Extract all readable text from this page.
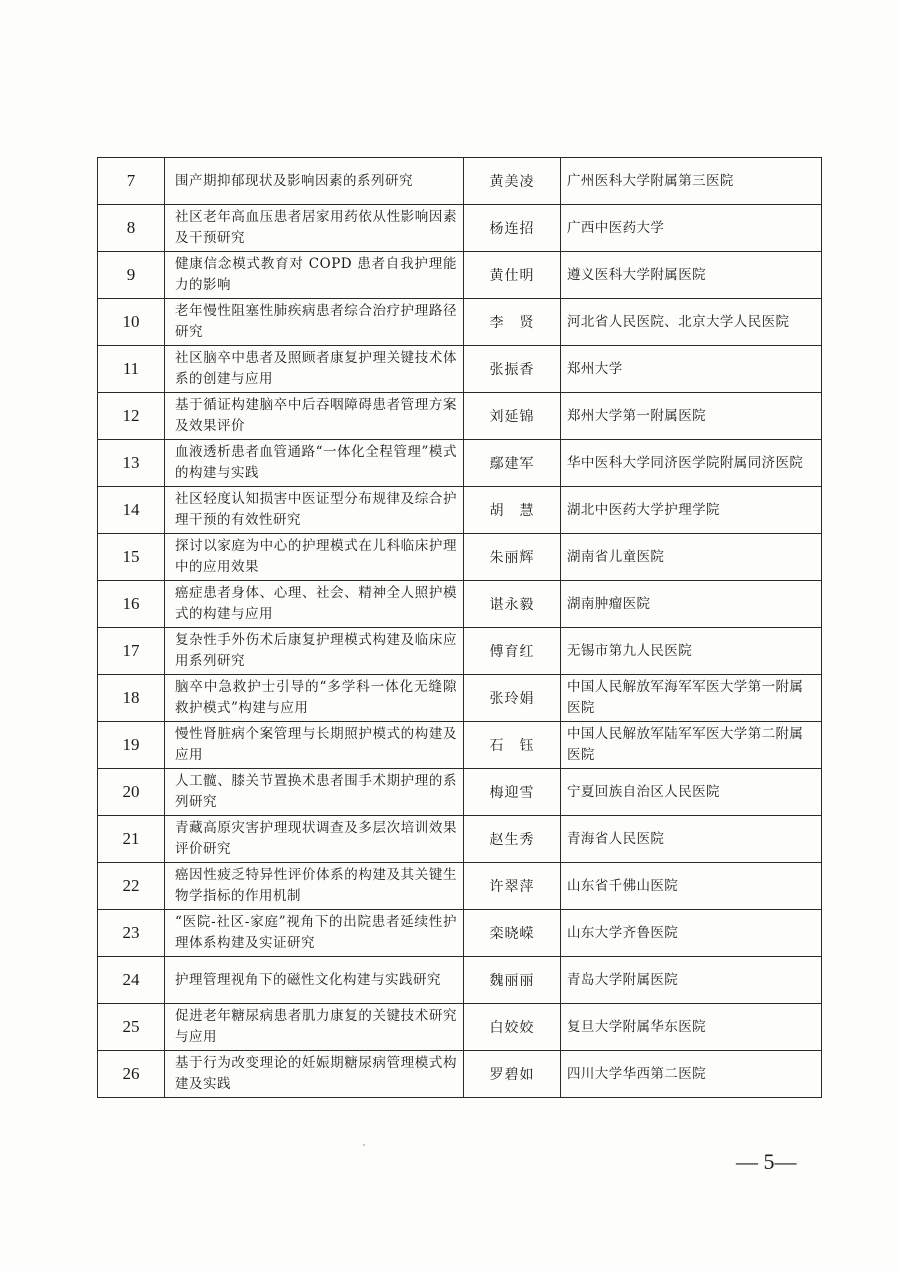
7	围产期抑郁现状及影响因素的系列研究	黄美凌	广州医科大学附属第三医院
8	社区老年高血压患者居家用药依从性影响因素及干预研究	杨连招	广西中医药大学
9	健康信念模式教育对 COPD 患者自我护理能力的影响	黄仕明	遵义医科大学附属医院
10	老年慢性阻塞性肺疾病患者综合治疗护理路径研究	李　贤	河北省人民医院、北京大学人民医院
11	社区脑卒中患者及照顾者康复护理关键技术体系的创建与应用	张振香	郑州大学
12	基于循证构建脑卒中后吞咽障碍患者管理方案及效果评价	刘延锦	郑州大学第一附属医院
13	血液透析患者血管通路“一体化全程管理”模式的构建与实践	鄢建军	华中医科大学同济医学院附属同济医院
14	社区轻度认知损害中医证型分布规律及综合护理干预的有效性研究	胡　慧	湖北中医药大学护理学院
15	探讨以家庭为中心的护理模式在儿科临床护理中的应用效果	朱丽辉	湖南省儿童医院
16	癌症患者身体、心理、社会、精神全人照护模式的构建与应用	谌永毅	湖南肿瘤医院
17	复杂性手外伤术后康复护理模式构建及临床应用系列研究	傅育红	无锡市第九人民医院
18	脑卒中急救护士引导的“多学科一体化无缝隙救护模式”构建与应用	张玲娟	中国人民解放军海军军医大学第一附属医院
19	慢性肾脏病个案管理与长期照护模式的构建及应用	石　钰	中国人民解放军陆军军医大学第二附属医院
20	人工髋、膝关节置换术患者围手术期护理的系列研究	梅迎雪	宁夏回族自治区人民医院
21	青藏高原灾害护理现状调查及多层次培训效果评价研究	赵生秀	青海省人民医院
22	癌因性疲乏特异性评价体系的构建及其关键生物学指标的作用机制	许翠萍	山东省千佛山医院
23	“医院-社区-家庭”视角下的出院患者延续性护理体系构建及实证研究	栾晓嵘	山东大学齐鲁医院
24	护理管理视角下的磁性文化构建与实践研究	魏丽丽	青岛大学附属医院
25	促进老年糖尿病患者肌力康复的关键技术研究与应用	白姣姣	复旦大学附属华东医院
26	基于行为改变理论的妊娠期糖尿病管理模式构建及实践	罗碧如	四川大学华西第二医院
— 5—
